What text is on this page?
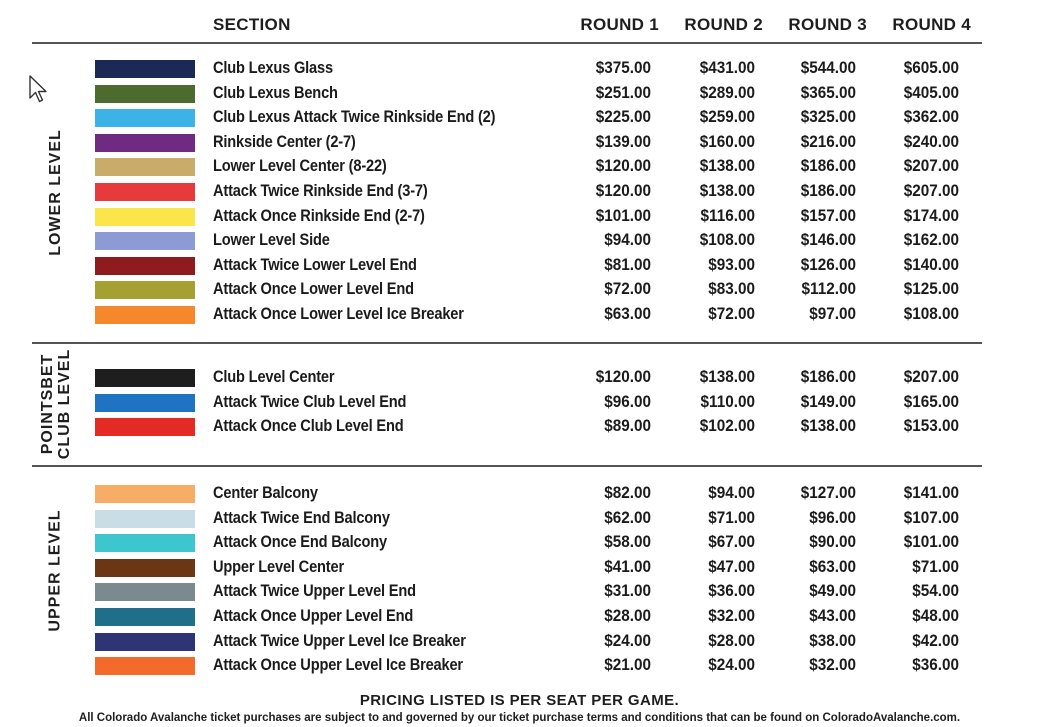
SECTION	ROUND 1	ROUND 2	ROUND 3	ROUND 4
LOWER LEVEL
POINTSBET CLUB LEVEL
UPPER LEVEL
Club Lexus Glass	$375.00	$431.00	$544.00	$605.00
Club Lexus Bench	$251.00	$289.00	$365.00	$405.00
Club Lexus Attack Twice Rinkside End (2)	$225.00	$259.00	$325.00	$362.00
Rinkside Center (2-7)	$139.00	$160.00	$216.00	$240.00
Lower Level Center (8-22)	$120.00	$138.00	$186.00	$207.00
Attack Twice Rinkside End (3-7)	$120.00	$138.00	$186.00	$207.00
Attack Once Rinkside End (2-7)	$101.00	$116.00	$157.00	$174.00
Lower Level Side	$94.00	$108.00	$146.00	$162.00
Attack Twice Lower Level End	$81.00	$93.00	$126.00	$140.00
Attack Once Lower Level End	$72.00	$83.00	$112.00	$125.00
Attack Once Lower Level Ice Breaker	$63.00	$72.00	$97.00	$108.00
Club Level Center	$120.00	$138.00	$186.00	$207.00
Attack Twice Club Level End	$96.00	$110.00	$149.00	$165.00
Attack Once Club Level End	$89.00	$102.00	$138.00	$153.00
Center Balcony	$82.00	$94.00	$127.00	$141.00
Attack Twice End Balcony	$62.00	$71.00	$96.00	$107.00
Attack Once End Balcony	$58.00	$67.00	$90.00	$101.00
Upper Level Center	$41.00	$47.00	$63.00	$71.00
Attack Twice Upper Level End	$31.00	$36.00	$49.00	$54.00
Attack Once Upper Level End	$28.00	$32.00	$43.00	$48.00
Attack Twice Upper Level Ice Breaker	$24.00	$28.00	$38.00	$42.00
Attack Once Upper Level Ice Breaker	$21.00	$24.00	$32.00	$36.00
PRICING LISTED IS PER SEAT PER GAME.
All Colorado Avalanche ticket purchases are subject to and governed by our ticket purchase terms and conditions that can be found on ColoradoAvalanche.com.
